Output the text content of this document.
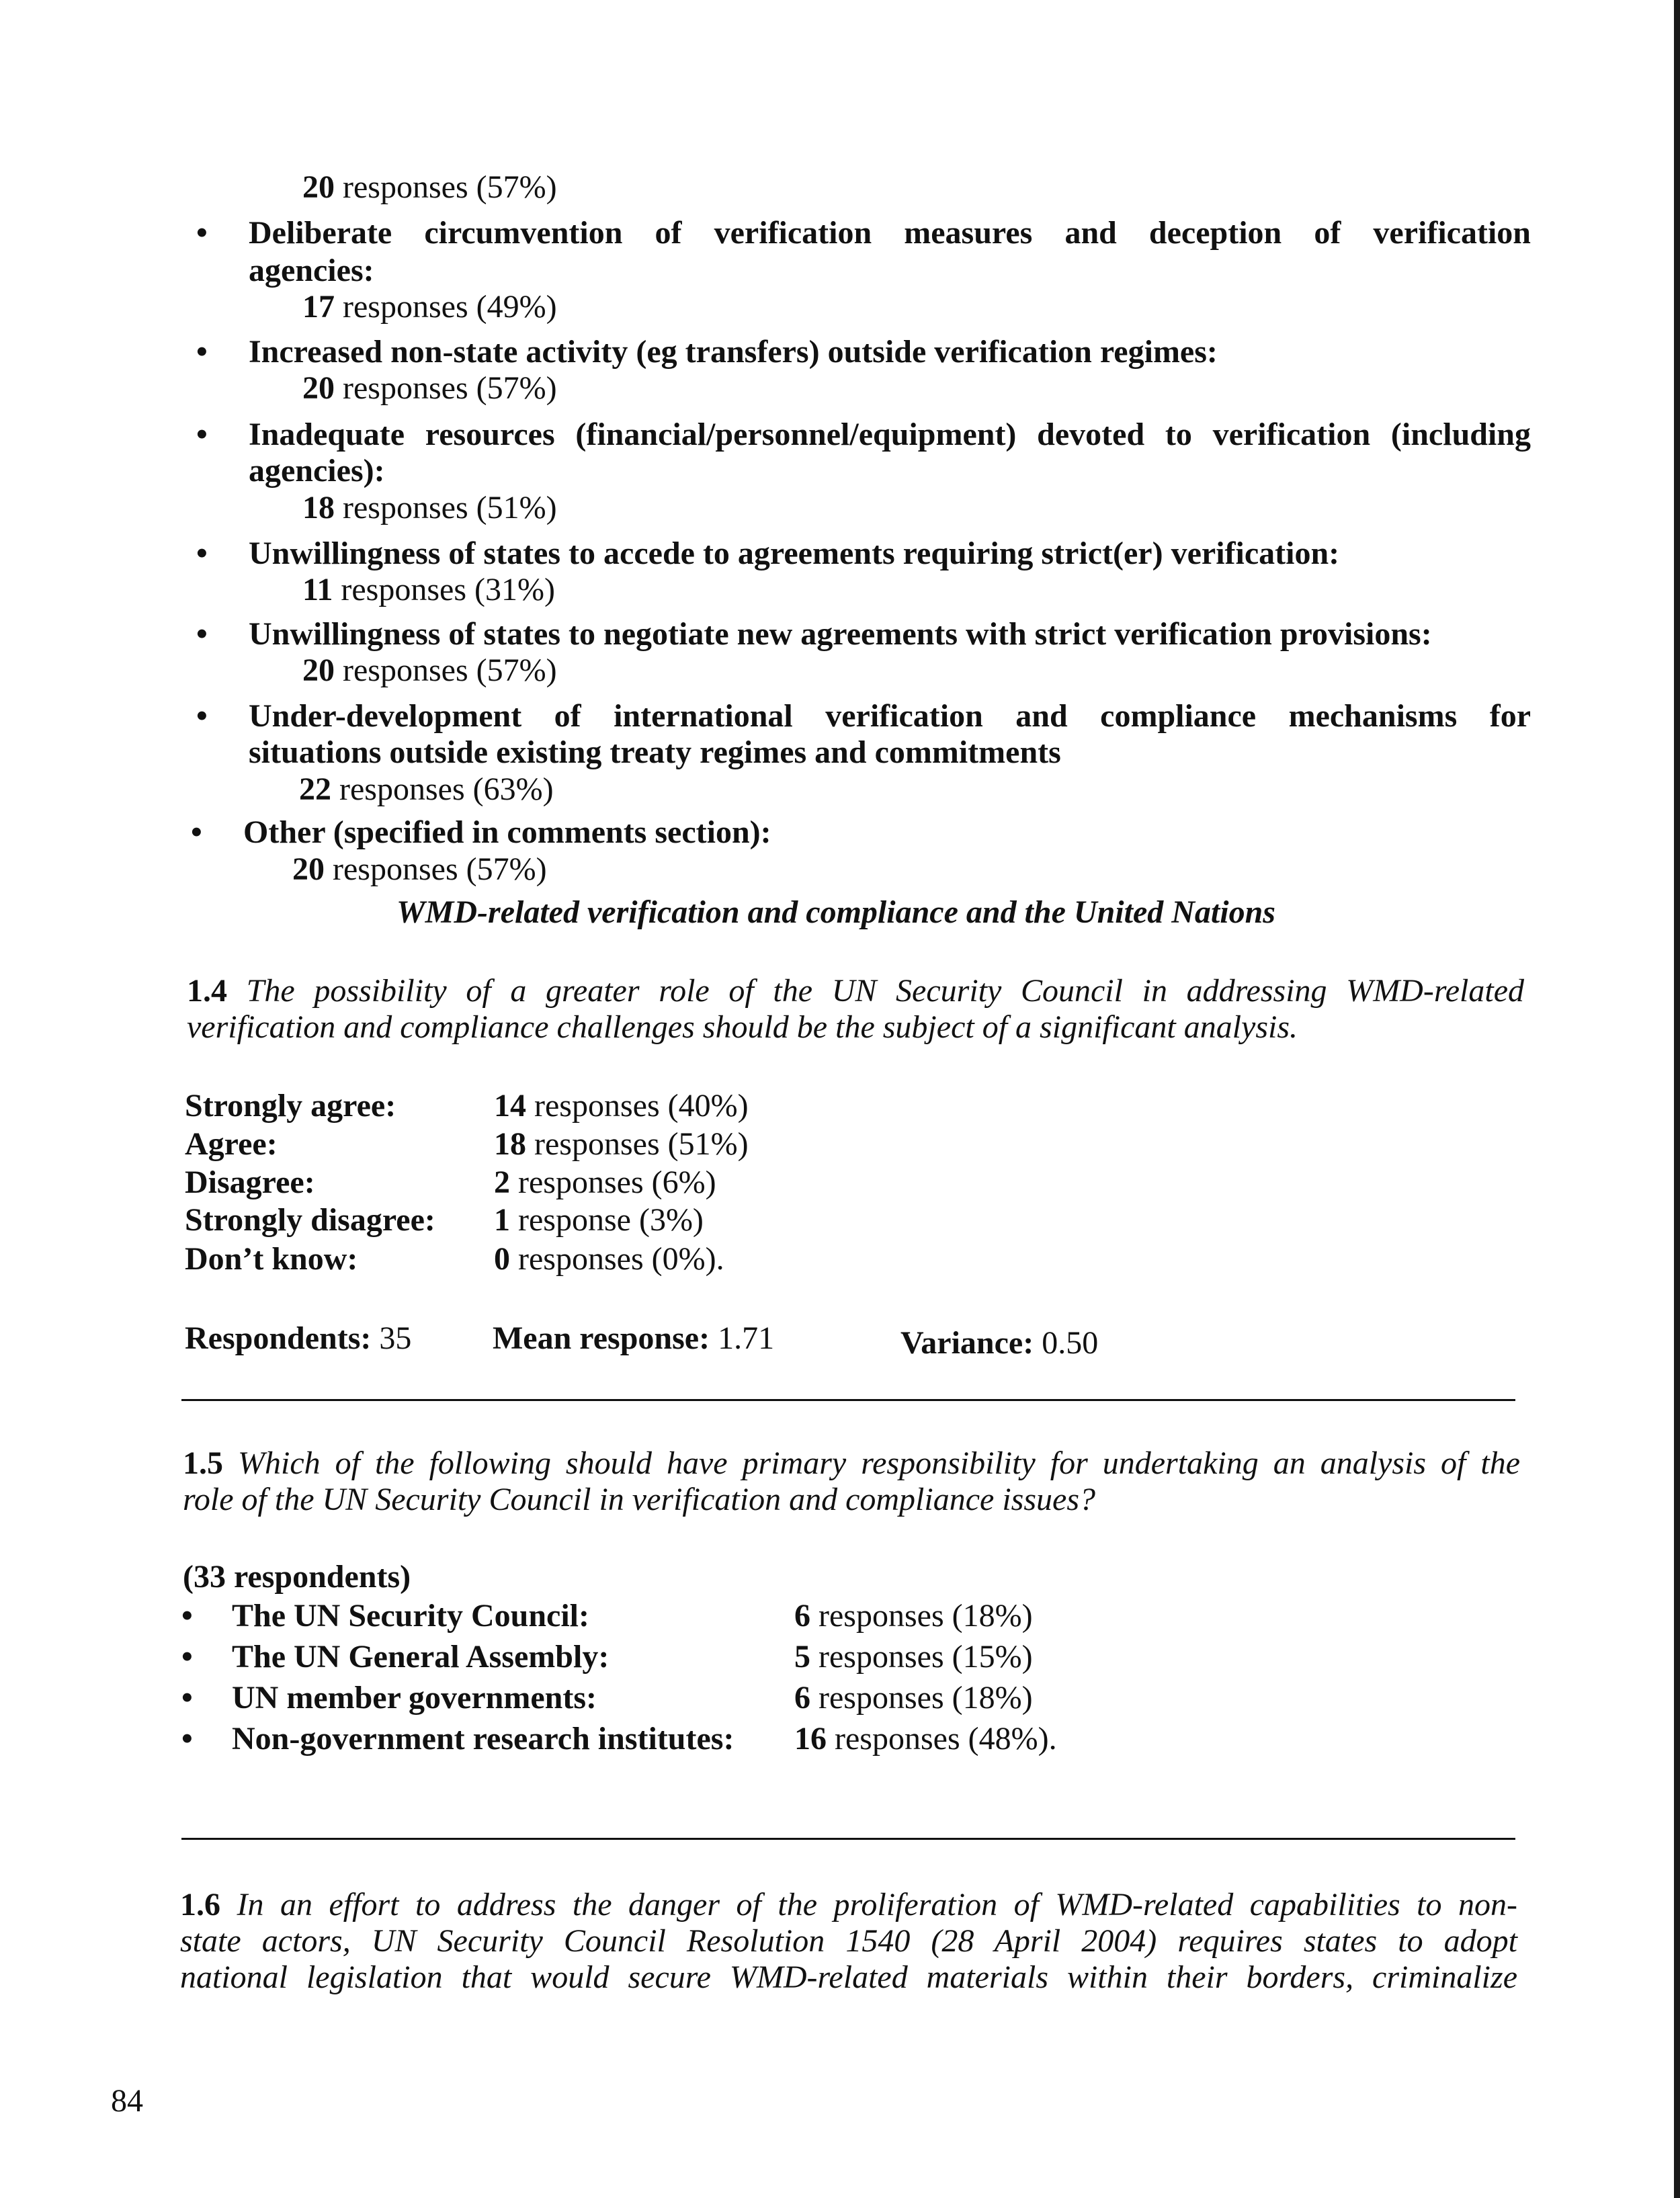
20 responses (57%)
• Deliberate circumvention of verification measures and deception of verification
agencies:
17 responses (49%)
• Increased non-state activity (eg transfers) outside verification regimes:
20 responses (57%)
• Inadequate resources (financial/personnel/equipment) devoted to verification (including
agencies):
18 responses (51%)
• Unwillingness of states to accede to agreements requiring strict(er) verification:
11 responses (31%)
• Unwillingness of states to negotiate new agreements with strict verification provisions:
20 responses (57%)
• Under-development of international verification and compliance mechanisms for
situations outside existing treaty regimes and commitments
22 responses (63%)
• Other (specified in comments section):
20 responses (57%)
WMD-related verification and compliance and the United Nations
1.4 The possibility of a greater role of the UN Security Council in addressing WMD-related
verification and compliance challenges should be the subject of a significant analysis.
Strongly agree:	14 responses (40%)
Agree:	18 responses (51%)
Disagree:	2 responses (6%)
Strongly disagree: 1 response (3%)
Don’t know:	0 responses (0%).
Respondents: 35	Mean response: 1.71	Variance: 0.50
1.5 Which of the following should have primary responsibility for undertaking an analysis of the
role of the UN Security Council in verification and compliance issues?
(33 respondents)
• The UN Security Council:	6 responses (18%)
• The UN General Assembly:	5 responses (15%)
• UN member governments:	6 responses (18%)
• Non-government research institutes: 16 responses (48%).
1.6 In an effort to address the danger of the proliferation of WMD-related capabilities to non-
state actors, UN Security Council Resolution 1540 (28 April 2004) requires states to adopt
national legislation that would secure WMD-related materials within their borders, criminalize
84
